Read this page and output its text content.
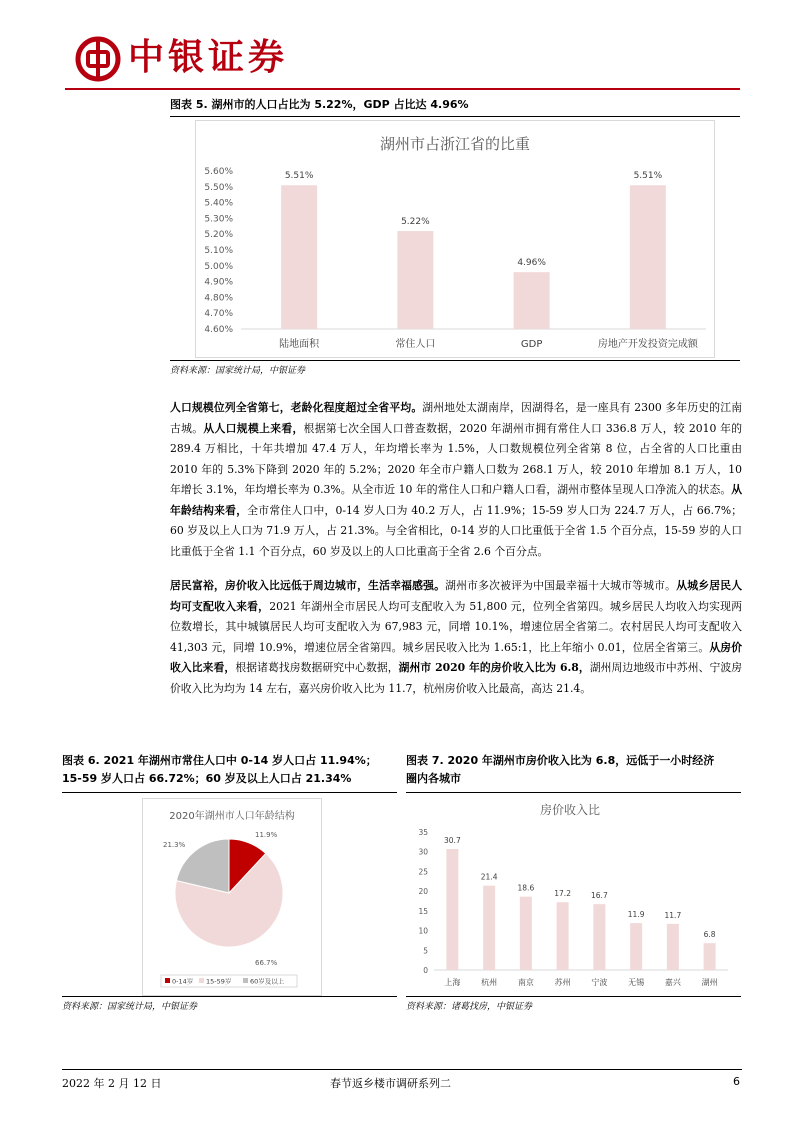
中银证券
图表 5. 湖州市的人口占比为 5.22%，GDP 占比达 4.96%
湖州市占浙江省的比重
4.60%
4.70%
4.80%
4.90%
5.00%
5.10%
5.20%
5.30%
5.40%
5.50%
5.60%	5.51%
陆地面积
5.22%
常住人口
4.96%
GDP
5.51%
房地产开发投资完成额
资料来源：国家统计局，中银证券
人口规模位列全省第七，老龄化程度超过全省平均。湖州地处太湖南岸，因湖得名，是一座具有 2300 多年历史的江南古城。从人口规模上来看，根据第七次全国人口普查数据，2020 年湖州市拥有常住人口 336.8 万人，较 2010 年的 289.4 万相比，十年共增加 47.4 万人，年均增长率为 1.5%，人口数规模位列全省第 8 位，占全省的人口比重由 2010 年的 5.3%下降到 2020 年的 5.2%；2020 年全市户籍人口数为 268.1 万人，较 2010 年增加 8.1 万人，10 年增长 3.1%，年均增长率为 0.3%。从全市近 10 年的常住人口和户籍人口看，湖州市整体呈现人口净流入的状态。从年龄结构来看，全市常住人口中，0-14 岁人口为 40.2 万人，占 11.9%；15-59 岁人口为 224.7 万人，占 66.7%；60 岁及以上人口为 71.9 万人，占 21.3%。与全省相比，0-14 岁的人口比重低于全省 1.5 个百分点，15-59 岁的人口比重低于全省 1.1 个百分点，60 岁及以上的人口比重高于全省 2.6 个百分点。
居民富裕，房价收入比远低于周边城市，生活幸福感强。湖州市多次被评为中国最幸福十大城市等城市。从城乡居民人均可支配收入来看，2021 年湖州全市居民人均可支配收入为 51,800 元，位列全省第四。城乡居民人均收入均实现两位数增长，其中城镇居民人均可支配收入为 67,983 元，同增 10.1%，增速位居全省第二。农村居民人均可支配收入 41,303 元，同增 10.9%，增速位居全省第四。城乡居民收入比为 1.65:1，比上年缩小 0.01，位居全省第三。从房价收入比来看，根据诸葛找房数据研究中心数据，湖州市 2020 年的房价收入比为 6.8，湖州周边地级市中苏州、宁波房价收入比为均为 14 左右，嘉兴房价收入比为 11.7，杭州房价收入比最高，高达 21.4。
图表 6. 2021 年湖州市常住人口中 0-14 岁人口占 11.94%；
15-59 岁人口占 66.72%；60 岁及以上人口占 21.34%
2020年湖州市人口年龄结构
11.9%
66.7%
21.3%
0-14岁 15-59岁	60岁及以上
资料来源：国家统计局，中银证券
图表 7. 2020 年湖州市房价收入比为 6.8，远低于一小时经济
圈内各城市
房价收入比
0
5
10
15
20
25
30
35
30.7
上海
21.4
杭州
18.6
南京
17.2
苏州
16.7
宁波
11.9
无锡
11.7
嘉兴
6.8
湖州
资料来源：诸葛找房，中银证券
2022 年 2 月 12 日	春节返乡楼市调研系列二	6
